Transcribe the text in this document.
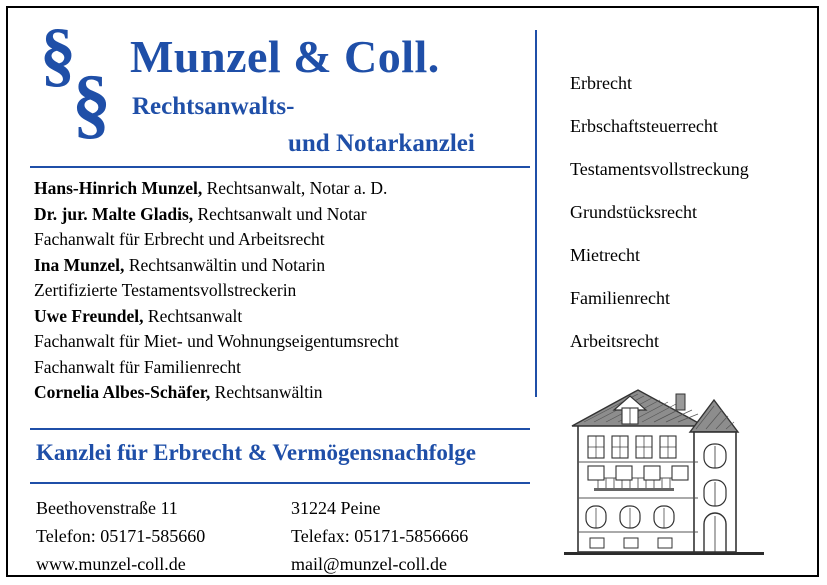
§
§
Munzel & Coll.
Rechtsanwalts-
und Notarkanzlei
Hans-Hinrich Munzel, Rechtsanwalt, Notar a. D.
Dr. jur. Malte Gladis, Rechtsanwalt und Notar
Fachanwalt für Erbrecht und Arbeitsrecht
Ina Munzel, Rechtsanwältin und Notarin
Zertifizierte Testamentsvollstreckerin
Uwe Freundel, Rechtsanwalt
Fachanwalt für Miet- und Wohnungseigentumsrecht
Fachanwalt für Familienrecht
Cornelia Albes-Schäfer, Rechtsanwältin
Kanzlei für Erbrecht & Vermögensnachfolge
Beethovenstraße 11	31224 Peine
Telefon: 05171-585660	Telefax: 05171-5856666
www.munzel-coll.de	mail@munzel-coll.de
Erbrecht
Erbschaftsteuerrecht
Testamentsvollstreckung
Grundstücksrecht
Mietrecht
Familienrecht
Arbeitsrecht
